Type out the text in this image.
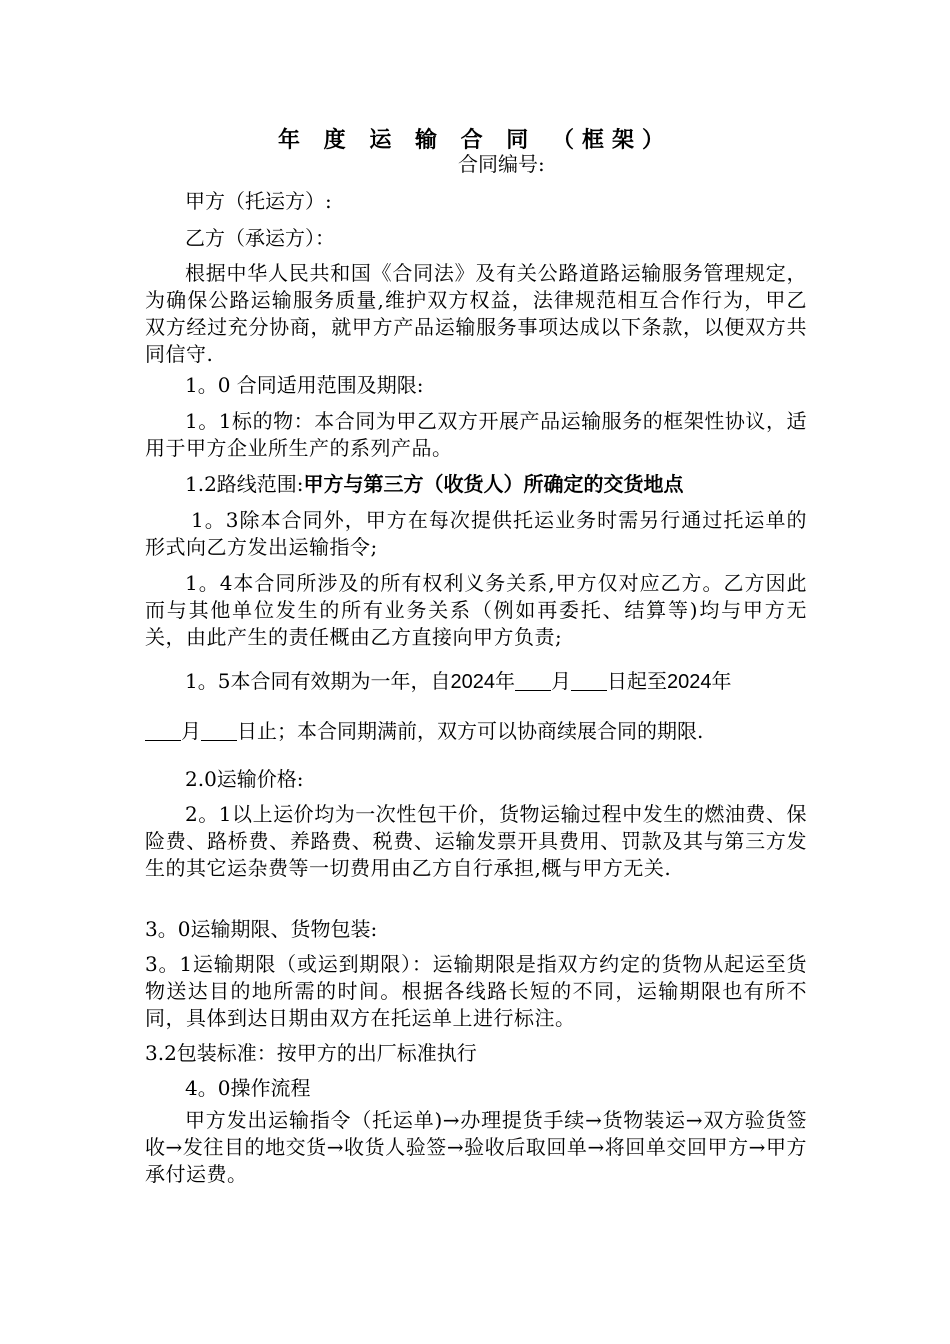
年 度 运 输 合 同 （框架）
合同编号:
甲方（托运方）:
乙方（承运方）：
根据中华人民共和国《合同法》及有关公路道路运输服务管理规定，为确保公路运输服务质量,维护双方权益，法律规范相互合作行为，甲乙双方经过充分协商，就甲方产品运输服务事项达成以下条款，以便双方共同信守.
1。0 合同适用范围及期限:
1。1标的物：本合同为甲乙双方开展产品运输服务的框架性协议，适用于甲方企业所生产的系列产品。
1.2路线范围:甲方与第三方（收货人）所确定的交货地点
1。3除本合同外，甲方在每次提供托运业务时需另行通过托运单的形式向乙方发出运输指令;
1。4本合同所涉及的所有权利义务关系,甲方仅对应乙方。乙方因此而与其他单位发生的所有业务关系（例如再委托、结算等)均与甲方无关，由此产生的责任概由乙方直接向甲方负责;
1。5本合同有效期为一年，自2024年 月 日起至2024年
月 日止；本合同期满前，双方可以协商续展合同的期限.
2.0运输价格:
2。1以上运价均为一次性包干价，货物运输过程中发生的燃油费、保险费、路桥费、养路费、税费、运输发票开具费用、罚款及其与第三方发生的其它运杂费等一切费用由乙方自行承担,概与甲方无关.
3。0运输期限、货物包装:
3。1运输期限（或运到期限）：运输期限是指双方约定的货物从起运至货物送达目的地所需的时间。根据各线路长短的不同，运输期限也有所不同，具体到达日期由双方在托运单上进行标注。
3.2包装标准：按甲方的出厂标准执行
4。0操作流程
甲方发出运输指令（托运单)→办理提货手续→货物装运→双方验货签收→发往目的地交货→收货人验签→验收后取回单→将回单交回甲方→甲方承付运费。
